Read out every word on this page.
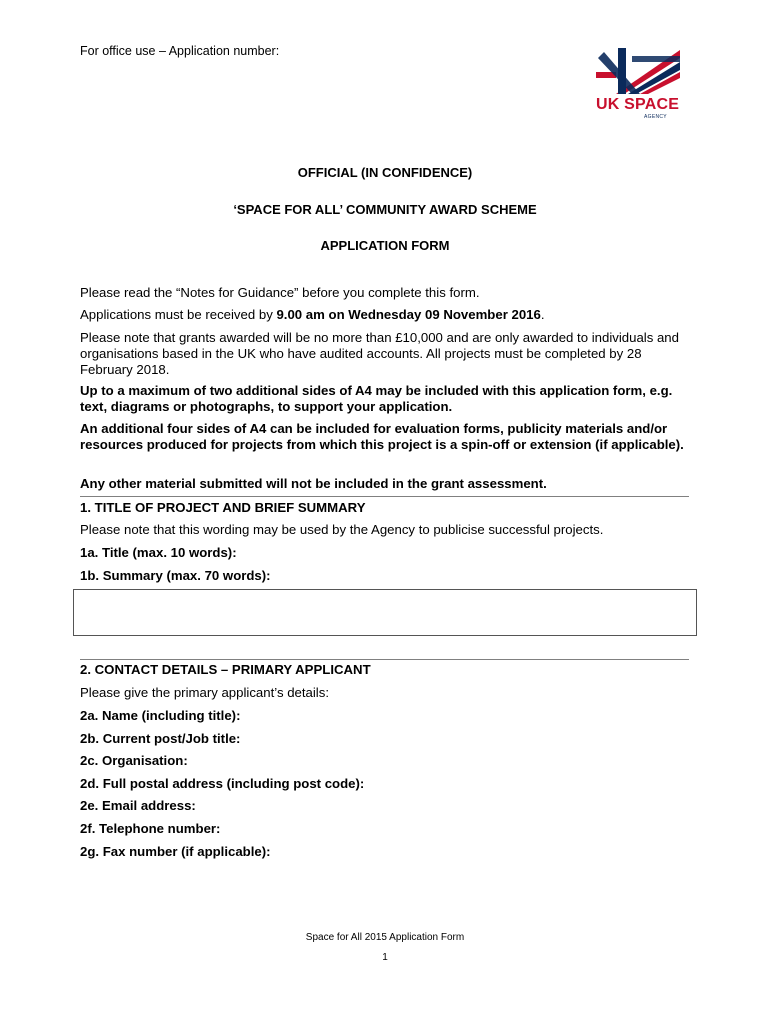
For office use – Application number:
UK SPACE
AGENCY
OFFICIAL (IN CONFIDENCE)
‘SPACE FOR ALL’ COMMUNITY AWARD SCHEME
APPLICATION FORM
Please read the “Notes for Guidance” before you complete this form.
Applications must be received by 9.00 am on Wednesday 09 November 2016.
Please note that grants awarded will be no more than £10,000 and are only awarded to individuals and organisations based in the UK who have audited accounts. All projects must be completed by 28 February 2018.
Up to a maximum of two additional sides of A4 may be included with this application form, e.g. text, diagrams or photographs, to support your application.
An additional four sides of A4 can be included for evaluation forms, publicity materials and/or resources produced for projects from which this project is a spin-off or extension (if applicable).
Any other material submitted will not be included in the grant assessment.
1. TITLE OF PROJECT AND BRIEF SUMMARY
Please note that this wording may be used by the Agency to publicise successful projects.
1a. Title (max. 10 words):
1b. Summary (max. 70 words):
2. CONTACT DETAILS – PRIMARY APPLICANT
Please give the primary applicant’s details:
2a. Name (including title):
2b. Current post/Job title:
2c. Organisation:
2d. Full postal address (including post code):
2e. Email address:
2f. Telephone number:
2g. Fax number (if applicable):
Space for All 2015 Application Form
1
